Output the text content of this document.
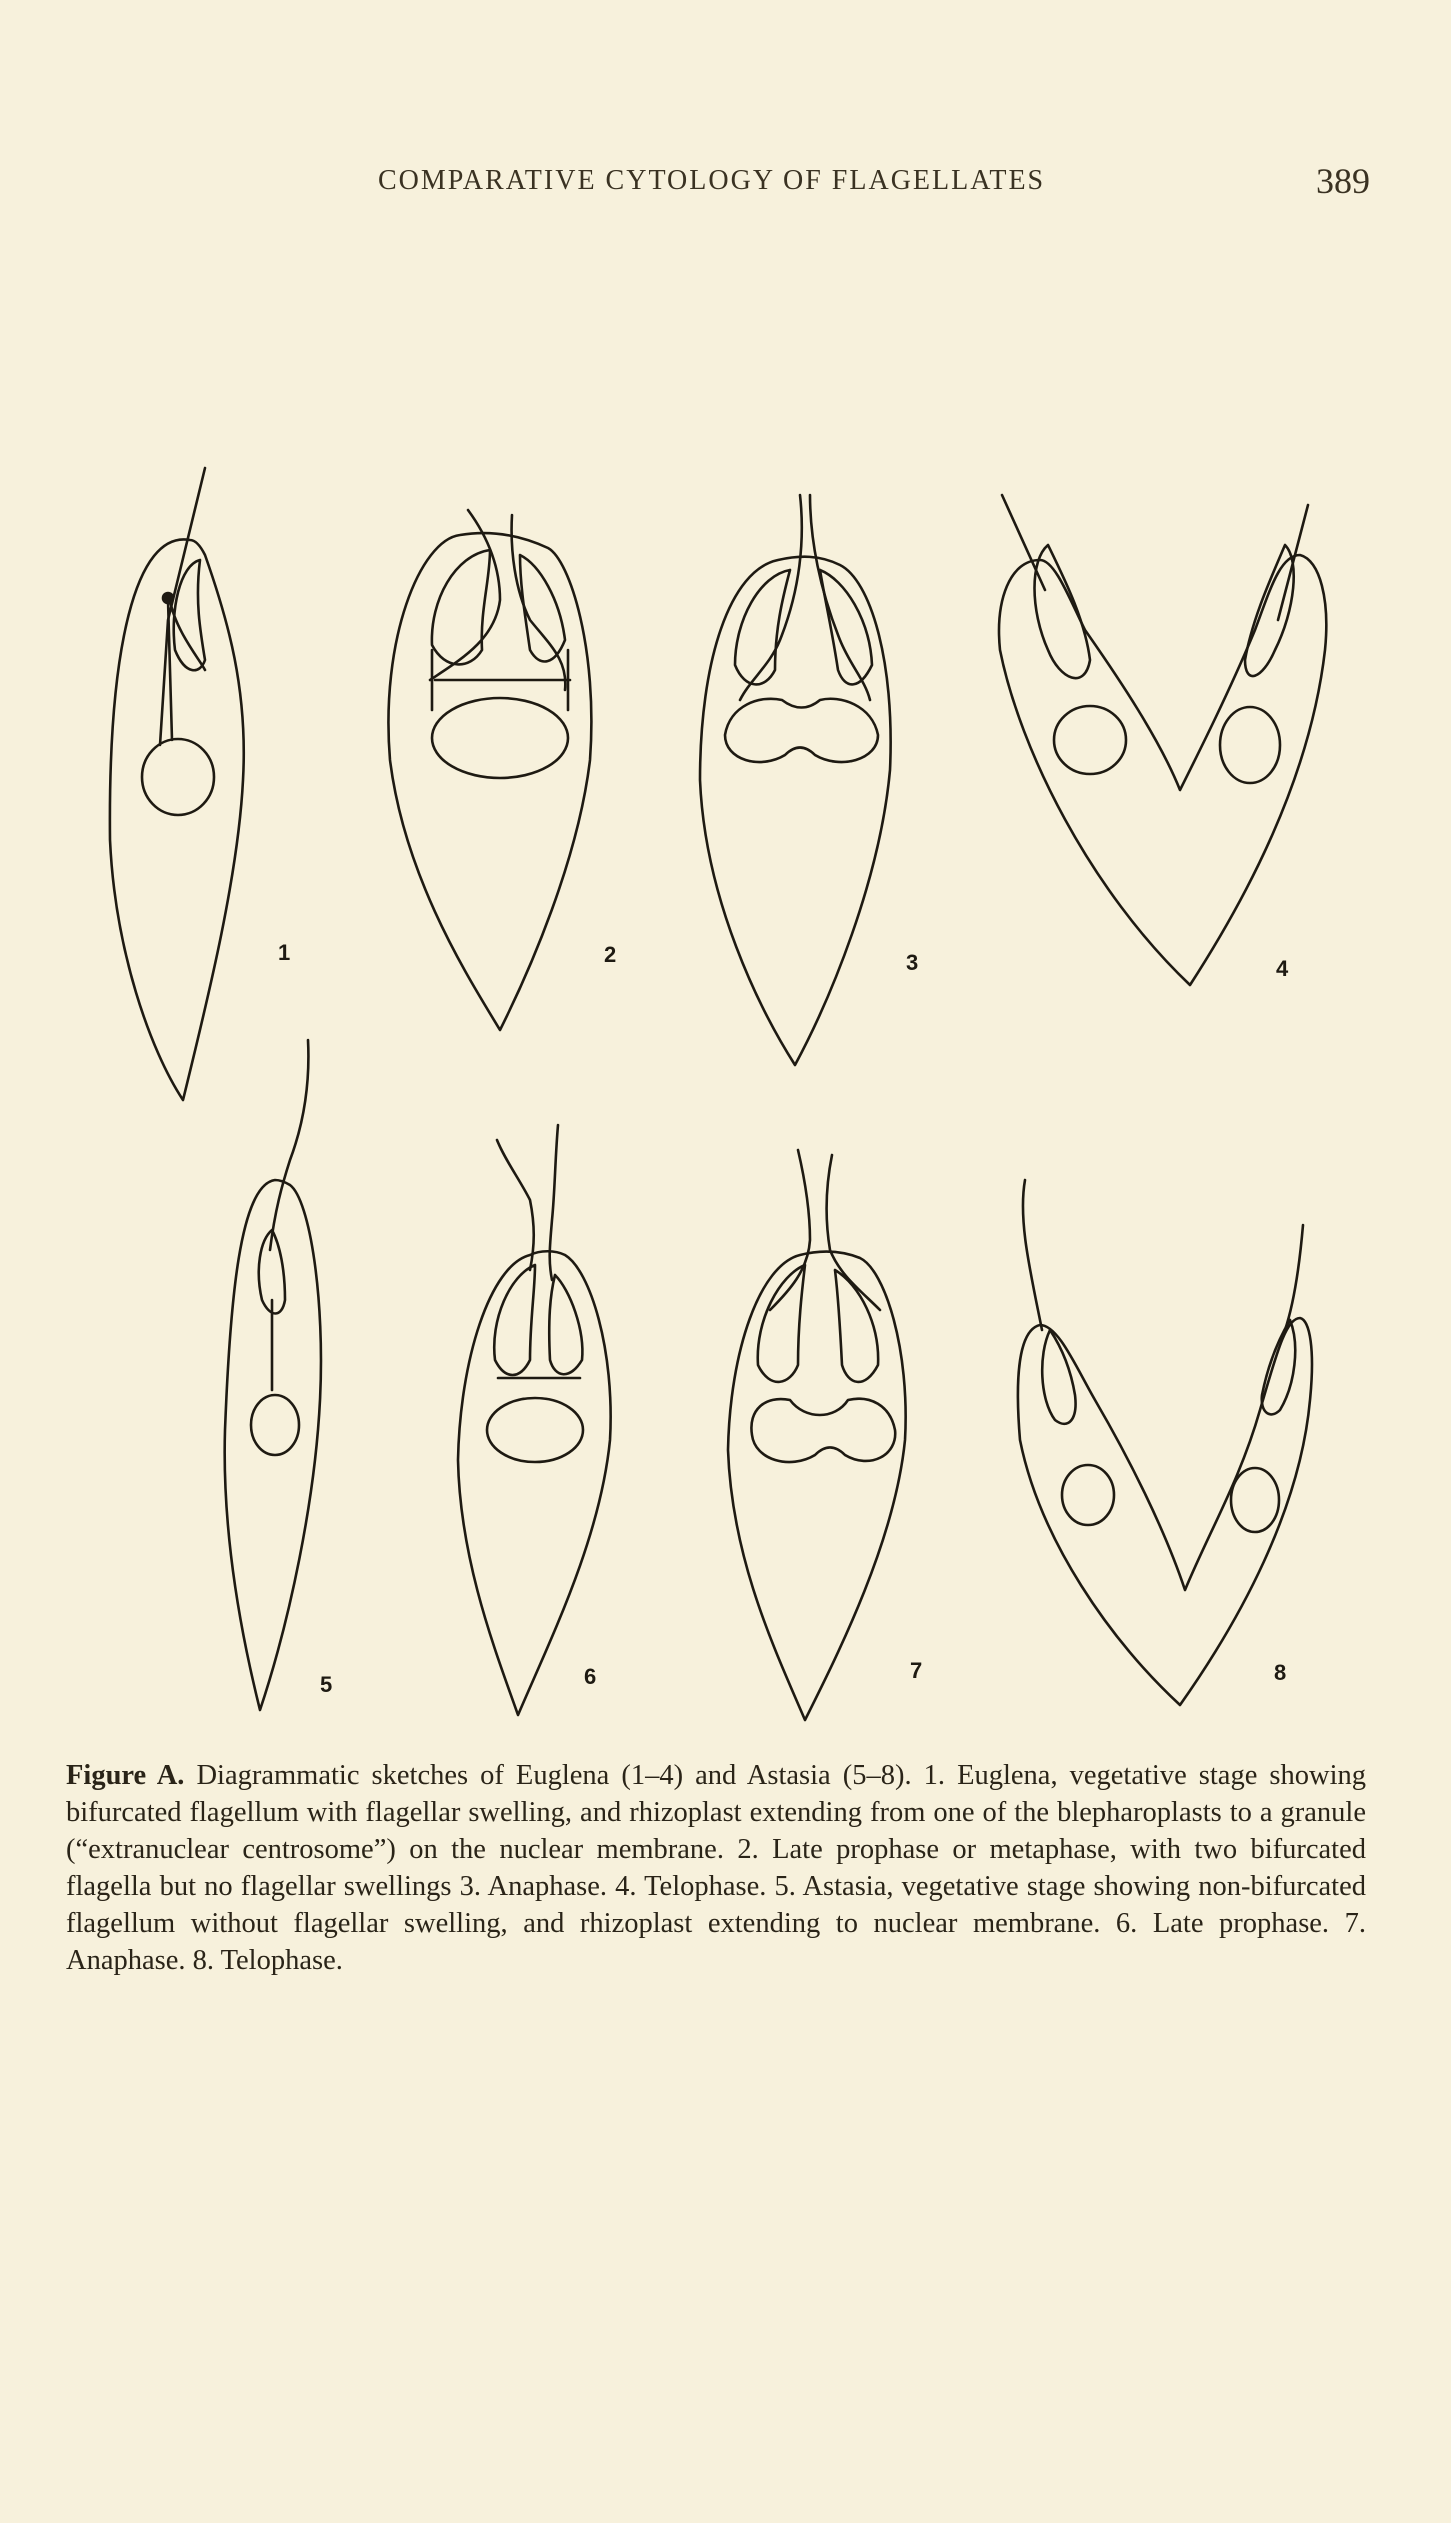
COMPARATIVE CYTOLOGY OF FLAGELLATES	389
1	2	3	4
5	6	7	8
Figure A. Diagrammatic sketches of Euglena (1–4) and Astasia (5–8). 1. Euglena, vegetative stage showing bifurcated flagellum with flagellar swelling, and rhizoplast extending from one of the blepharoplasts to a granule (“extranuclear centrosome”) on the nuclear membrane. 2. Late prophase or metaphase, with two bifurcated flagella but no flagellar swellings 3. Anaphase. 4. Telophase. 5. Astasia, vegetative stage showing non-bifurcated flagellum without flagellar swelling, and rhizoplast extending to nuclear membrane. 6. Late prophase. 7. Anaphase. 8. Telophase.
